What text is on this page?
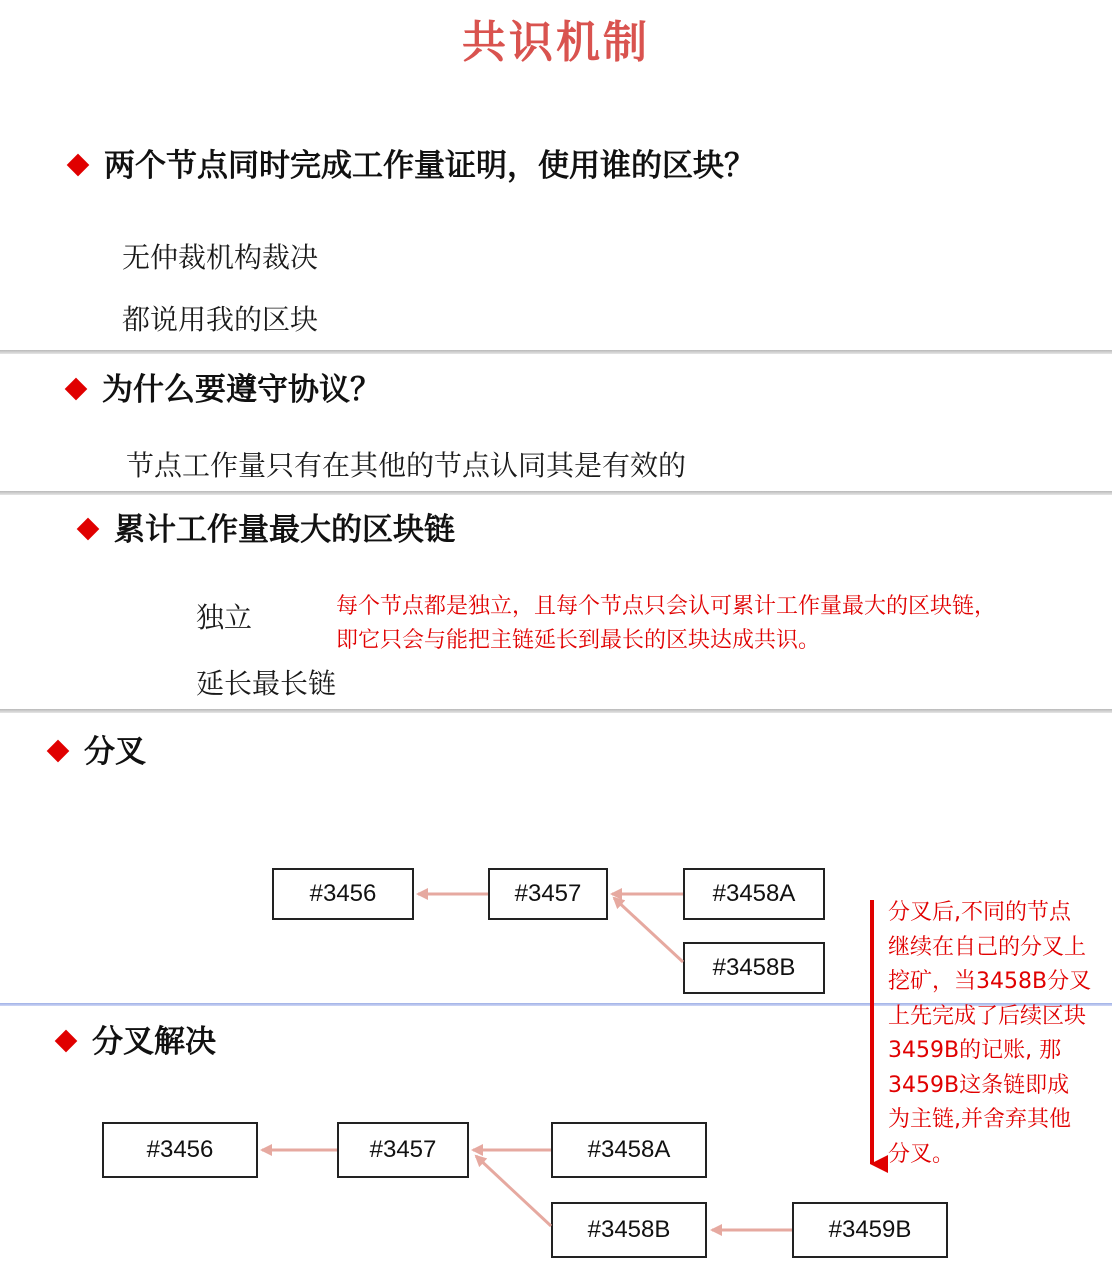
共识机制
两个节点同时完成工作量证明，使用谁的区块？
无仲裁机构裁决
都说用我的区块
为什么要遵守协议？
节点工作量只有在其他的节点认同其是有效的
累计工作量最大的区块链
独立
延长最长链
每个节点都是独立，且每个节点只会认可累计工作量最大的区块链，
即它只会与能把主链延长到最长的区块达成共识。
分叉
#3456	#3457	#3458A
#3458B
分叉解决
#3456	#3457	#3458A
#3458B	#3459B
分叉后,不同的节点
继续在自己的分叉上
挖矿，当3458B分叉
上先完成了后续区块
3459B的记账, 那
3459B这条链即成
为主链,并舍弃其他
分叉。
